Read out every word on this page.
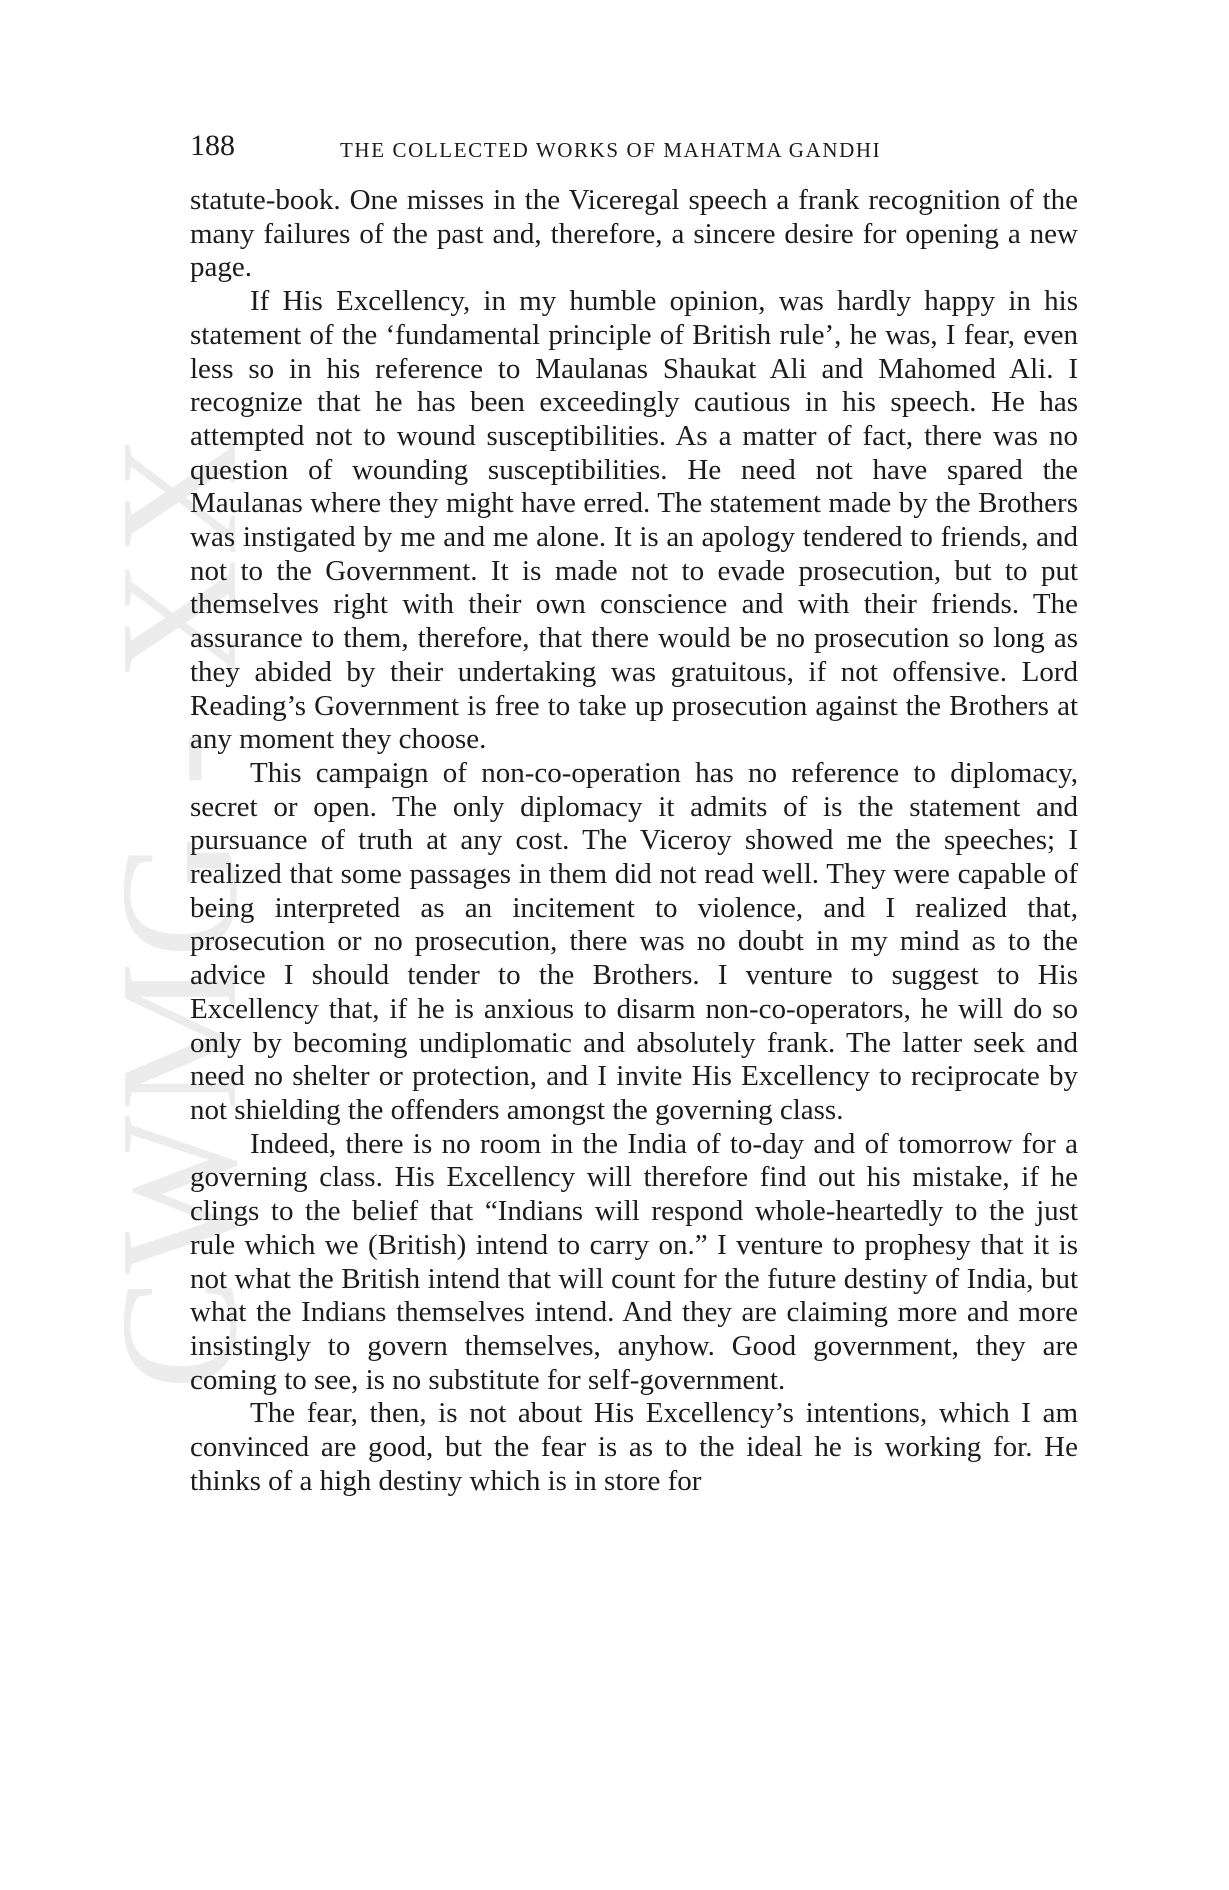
CWMG - XX
188	THE COLLECTED WORKS OF MAHATMA GANDHI

statute-book. One misses in the Viceregal speech a frank recognition of the many failures of the past and, therefore, a sincere desire for opening a new page.

If His Excellency, in my humble opinion, was hardly happy in his statement of the ‘fundamental principle of British rule’, he was, I fear, even less so in his reference to Maulanas Shaukat Ali and Mahomed Ali. I recognize that he has been exceedingly cautious in his speech. He has attempted not to wound susceptibilities. As a matter of fact, there was no question of wounding susceptibilities. He need not have spared the Maulanas where they might have erred. The statement made by the Brothers was instigated by me and me alone. It is an apology tendered to friends, and not to the Government. It is made not to evade prosecution, but to put themselves right with their own conscience and with their friends. The assurance to them, therefore, that there would be no prosecution so long as they abided by their undertaking was gratuitous, if not offensive. Lord Reading’s Government is free to take up prosecution against the Brothers at any moment they choose.

This campaign of non-co-operation has no reference to diplomacy, secret or open. The only diplomacy it admits of is the statement and pursuance of truth at any cost. The Viceroy showed me the speeches; I realized that some passages in them did not read well. They were capable of being interpreted as an incitement to violence, and I realized that, prosecution or no prosecution, there was no doubt in my mind as to the advice I should tender to the Brothers. I venture to suggest to His Excellency that, if he is anxious to disarm non-co-operators, he will do so only by becoming undiplomatic and absolutely frank. The latter seek and need no shelter or protection, and I invite His Excellency to reciprocate by not shielding the offenders amongst the governing class.

Indeed, there is no room in the India of to-day and of tomorrow for a governing class. His Excellency will therefore find out his mistake, if he clings to the belief that “Indians will respond whole-heartedly to the just rule which we (British) intend to carry on.” I venture to prophesy that it is not what the British intend that will count for the future destiny of India, but what the Indians themselves intend. And they are claiming more and more insistingly to govern themselves, anyhow. Good government, they are coming to see, is no substitute for self-government.

The fear, then, is not about His Excellency’s intentions, which I am convinced are good, but the fear is as to the ideal he is working for. He thinks of a high destiny which is in store for
